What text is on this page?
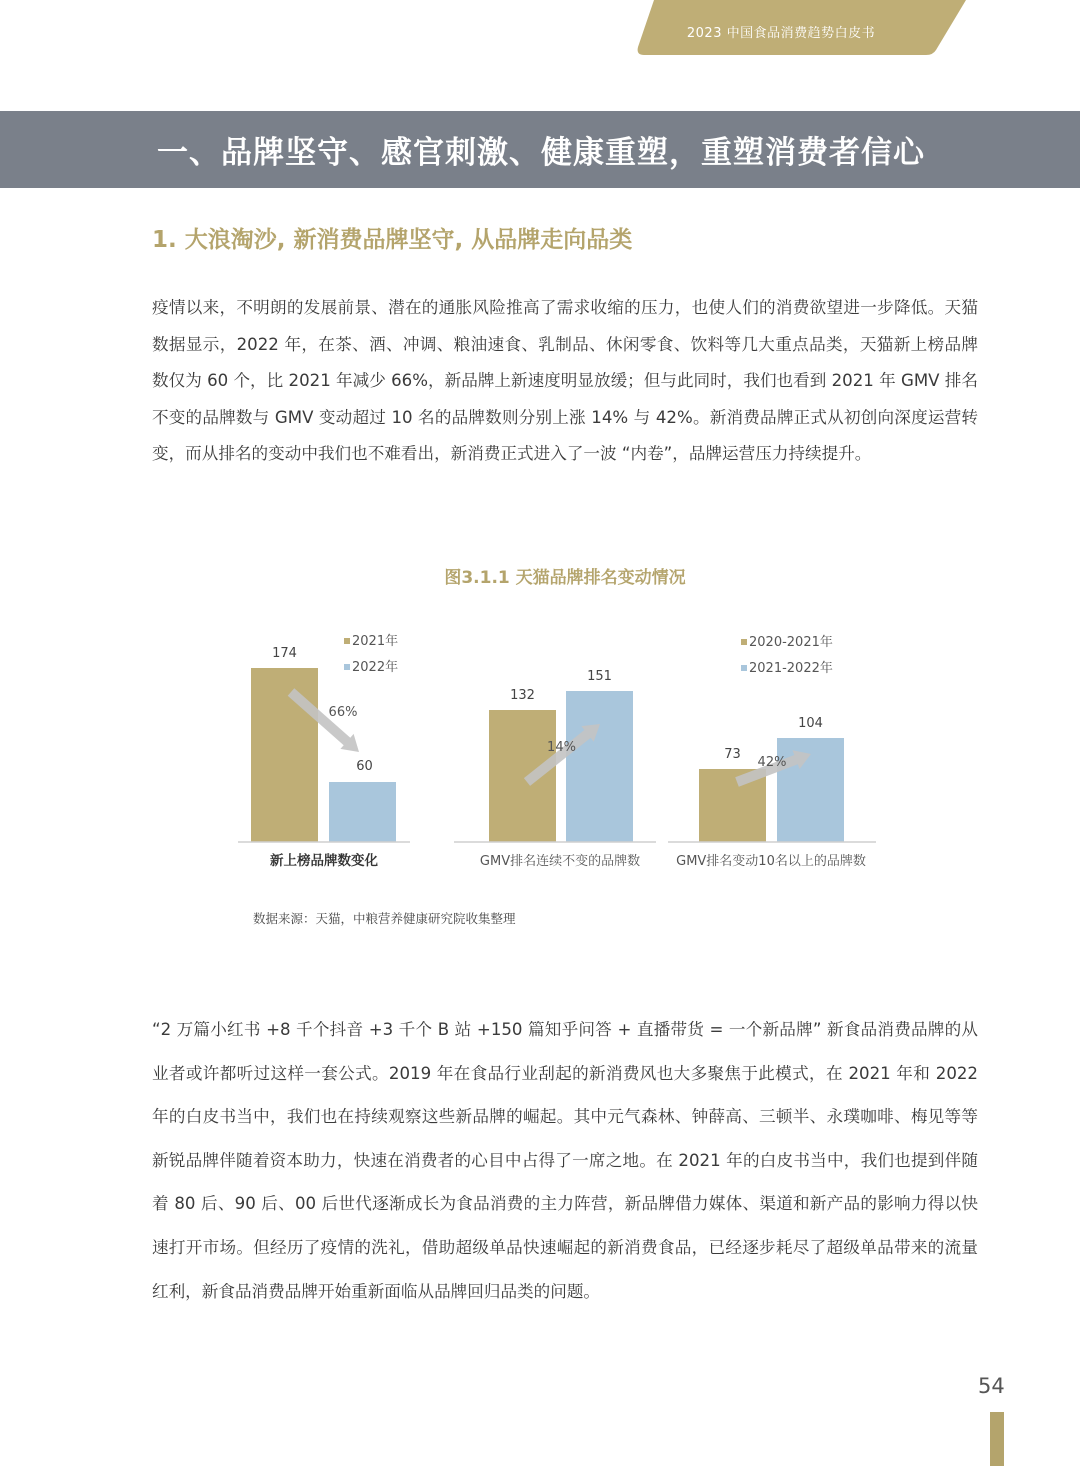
2023 中国食品消费趋势白皮书
一、品牌坚守、感官刺激、健康重塑，重塑消费者信心
1. 大浪淘沙, 新消费品牌坚守, 从品牌走向品类

疫情以来，不明朗的发展前景、潜在的通胀风险推高了需求收缩的压力，也使人们的消费欲望进一步降低。天猫数据显示，2022 年，在茶、酒、冲调、粮油速食、乳制品、休闲零食、饮料等几大重点品类，天猫新上榜品牌数仅为 60 个，比 2021 年减少 66%，新品牌上新速度明显放缓；但与此同时，我们也看到 2021 年 GMV 排名不变的品牌数与 GMV 变动超过 10 名的品牌数则分别上涨 14% 与 42%。新消费品牌正式从初创向深度运营转变，而从排名的变动中我们也不难看出，新消费正式进入了一波 “内卷”，品牌运营压力持续提升。

图3.1.1 天猫品牌排名变动情况
174
60
66%
新上榜品牌数变化
2021年
2022年
132
151
14%
GMV排名连续不变的品牌数
73
104
42%
GMV排名变动10名以上的品牌数
2020-2021年
2021-2022年
数据来源：天猫，中粮营养健康研究院收集整理

“2 万篇小红书 +8 千个抖音 +3 千个 B 站 +150 篇知乎问答 + 直播带货 = 一个新品牌” 新食品消费品牌的从业者或许都听过这样一套公式。2019 年在食品行业刮起的新消费风也大多聚焦于此模式，在 2021 年和 2022 年的白皮书当中，我们也在持续观察这些新品牌的崛起。其中元气森林、钟薛高、三顿半、永璞咖啡、梅见等等新锐品牌伴随着资本助力，快速在消费者的心目中占得了一席之地。在 2021 年的白皮书当中，我们也提到伴随着 80 后、90 后、00 后世代逐渐成长为食品消费的主力阵营，新品牌借力媒体、渠道和新产品的影响力得以快速打开市场。但经历了疫情的洗礼，借助超级单品快速崛起的新消费食品，已经逐步耗尽了超级单品带来的流量红利，新食品消费品牌开始重新面临从品牌回归品类的问题。

54
